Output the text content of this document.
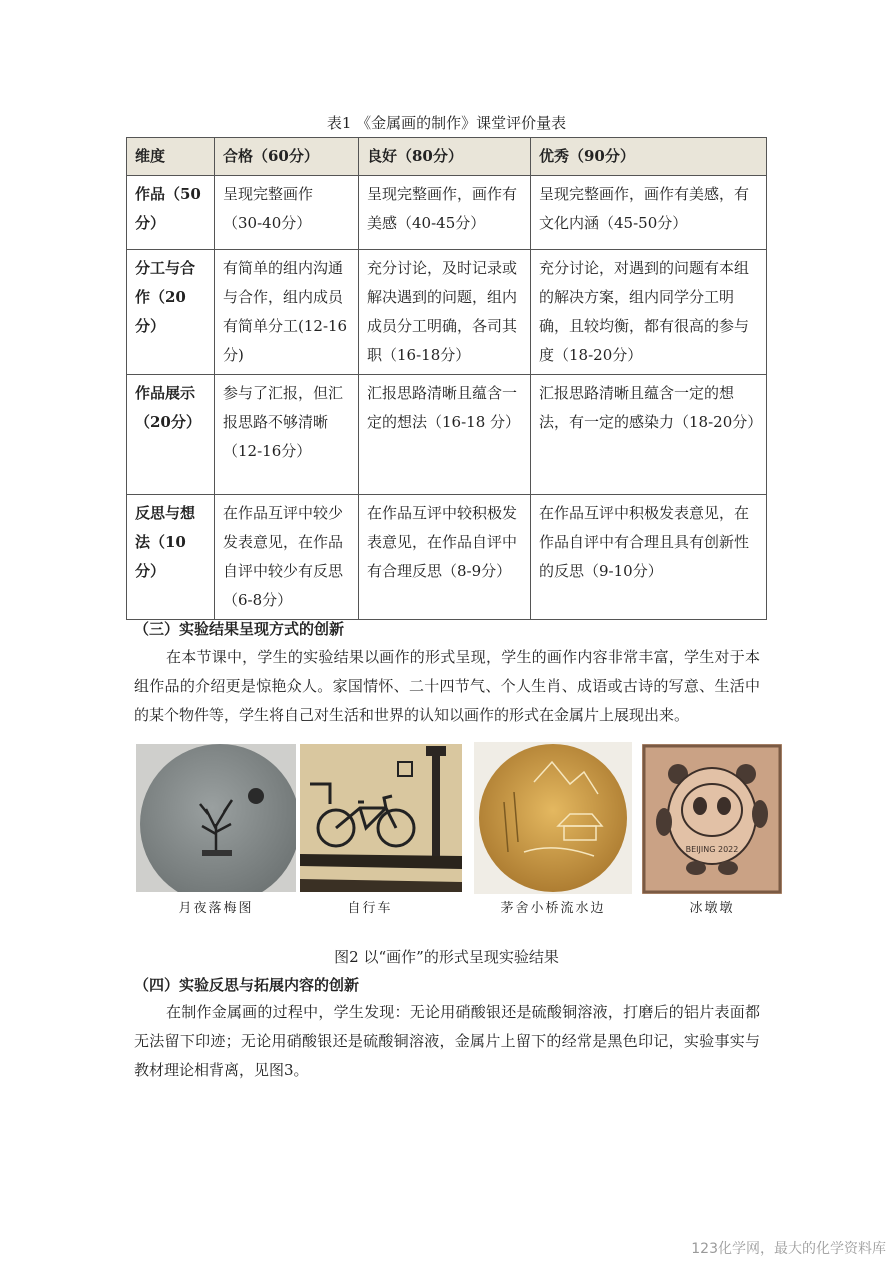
表1 《金属画的制作》课堂评价量表
维度	合格（60分）	良好（80分）	优秀（90分）
作品（50分）	呈现完整画作（30-40分）	呈现完整画作，画作有美感（40-45分）	呈现完整画作，画作有美感，有文化内涵（45-50分）
分工与合作（20分）	有简单的组内沟通与合作，组内成员有简单分工(12-16分)	充分讨论，及时记录或解决遇到的问题，组内成员分工明确，各司其职（16-18分）	充分讨论，对遇到的问题有本组的解决方案，组内同学分工明确，且较均衡，都有很高的参与度（18-20分）
作品展示（20分）	参与了汇报，但汇报思路不够清晰（12-16分）	汇报思路清晰且蕴含一定的想法（16-18 分）	汇报思路清晰且蕴含一定的想法，有一定的感染力（18-20分）
反思与想法（10分）	在作品互评中较少发表意见，在作品自评中较少有反思（6-8分）	在作品互评中较积极发表意见，在作品自评中有合理反思（8-9分）	在作品互评中积极发表意见，在作品自评中有合理且具有创新性的反思（9-10分）
（三）实验结果呈现方式的创新
在本节课中，学生的实验结果以画作的形式呈现，学生的画作内容非常丰富，学生对于本组作品的介绍更是惊艳众人。家国情怀、二十四节气、个人生肖、成语或古诗的写意、生活中的某个物件等，学生将自己对生活和世界的认知以画作的形式在金属片上展现出来。
BEIJING 2022
月夜落梅图	自行车	茅舍小桥流水边	冰墩墩
图2 以“画作”的形式呈现实验结果
（四）实验反思与拓展内容的创新
在制作金属画的过程中，学生发现：无论用硝酸银还是硫酸铜溶液，打磨后的铝片表面都无法留下印迹；无论用硝酸银还是硫酸铜溶液，金属片上留下的经常是黑色印记，实验事实与教材理论相背离，见图3。
123化学网，最大的化学资料库
